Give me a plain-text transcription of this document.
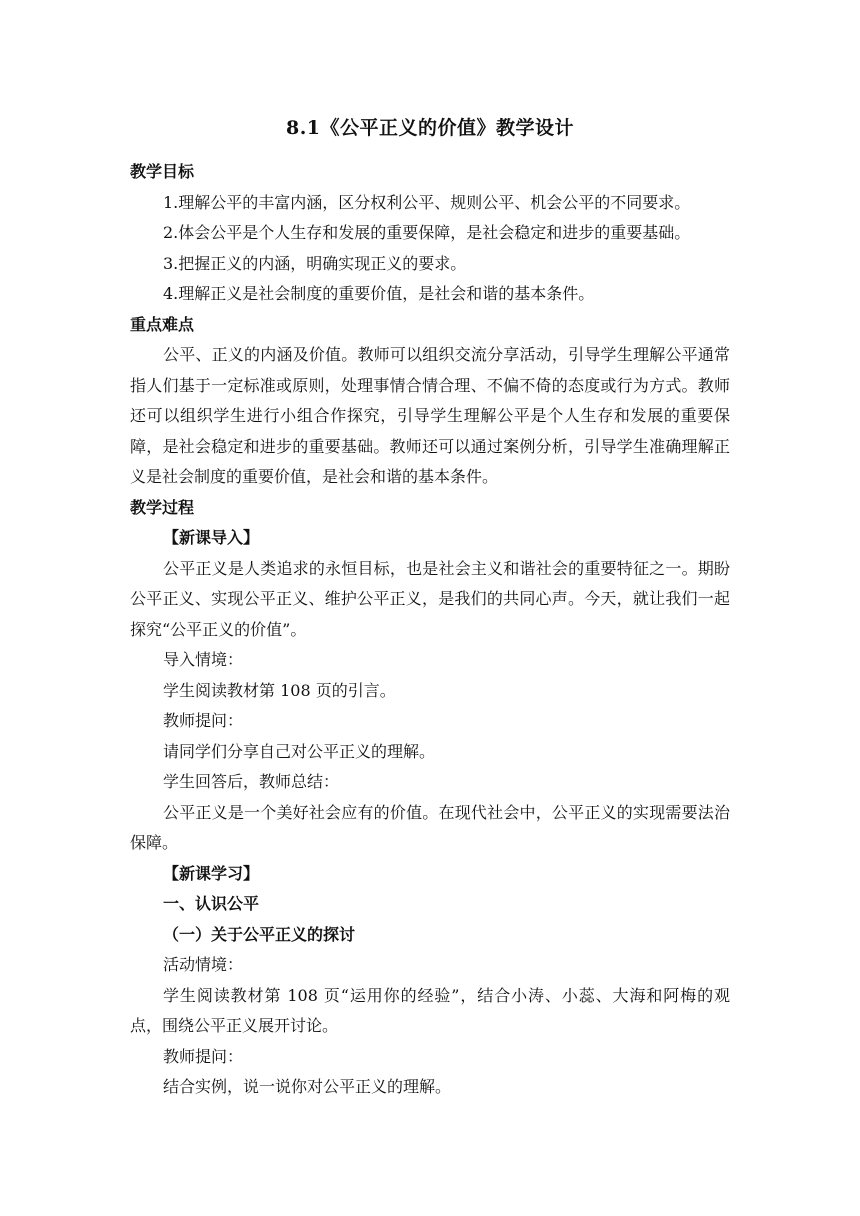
8.1《公平正义的价值》教学设计

教学目标

1.理解公平的丰富内涵，区分权利公平、规则公平、机会公平的不同要求。

2.体会公平是个人生存和发展的重要保障，是社会稳定和进步的重要基础。

3.把握正义的内涵，明确实现正义的要求。

4.理解正义是社会制度的重要价值，是社会和谐的基本条件。

重点难点

公平、正义的内涵及价值。教师可以组织交流分享活动，引导学生理解公平通常指人们基于一定标准或原则，处理事情合情合理、不偏不倚的态度或行为方式。教师还可以组织学生进行小组合作探究，引导学生理解公平是个人生存和发展的重要保障，是社会稳定和进步的重要基础。教师还可以通过案例分析，引导学生准确理解正义是社会制度的重要价值，是社会和谐的基本条件。

教学过程

【新课导入】

公平正义是人类追求的永恒目标，也是社会主义和谐社会的重要特征之一。期盼公平正义、实现公平正义、维护公平正义，是我们的共同心声。今天，就让我们一起探究“公平正义的价值”。

导入情境：

学生阅读教材第 108 页的引言。

教师提问：

请同学们分享自己对公平正义的理解。

学生回答后，教师总结：

公平正义是一个美好社会应有的价值。在现代社会中，公平正义的实现需要法治保障。

【新课学习】

一、认识公平

（一）关于公平正义的探讨

活动情境：

学生阅读教材第 108 页“运用你的经验”，结合小涛、小蕊、大海和阿梅的观点，围绕公平正义展开讨论。

教师提问：

结合实例，说一说你对公平正义的理解。
